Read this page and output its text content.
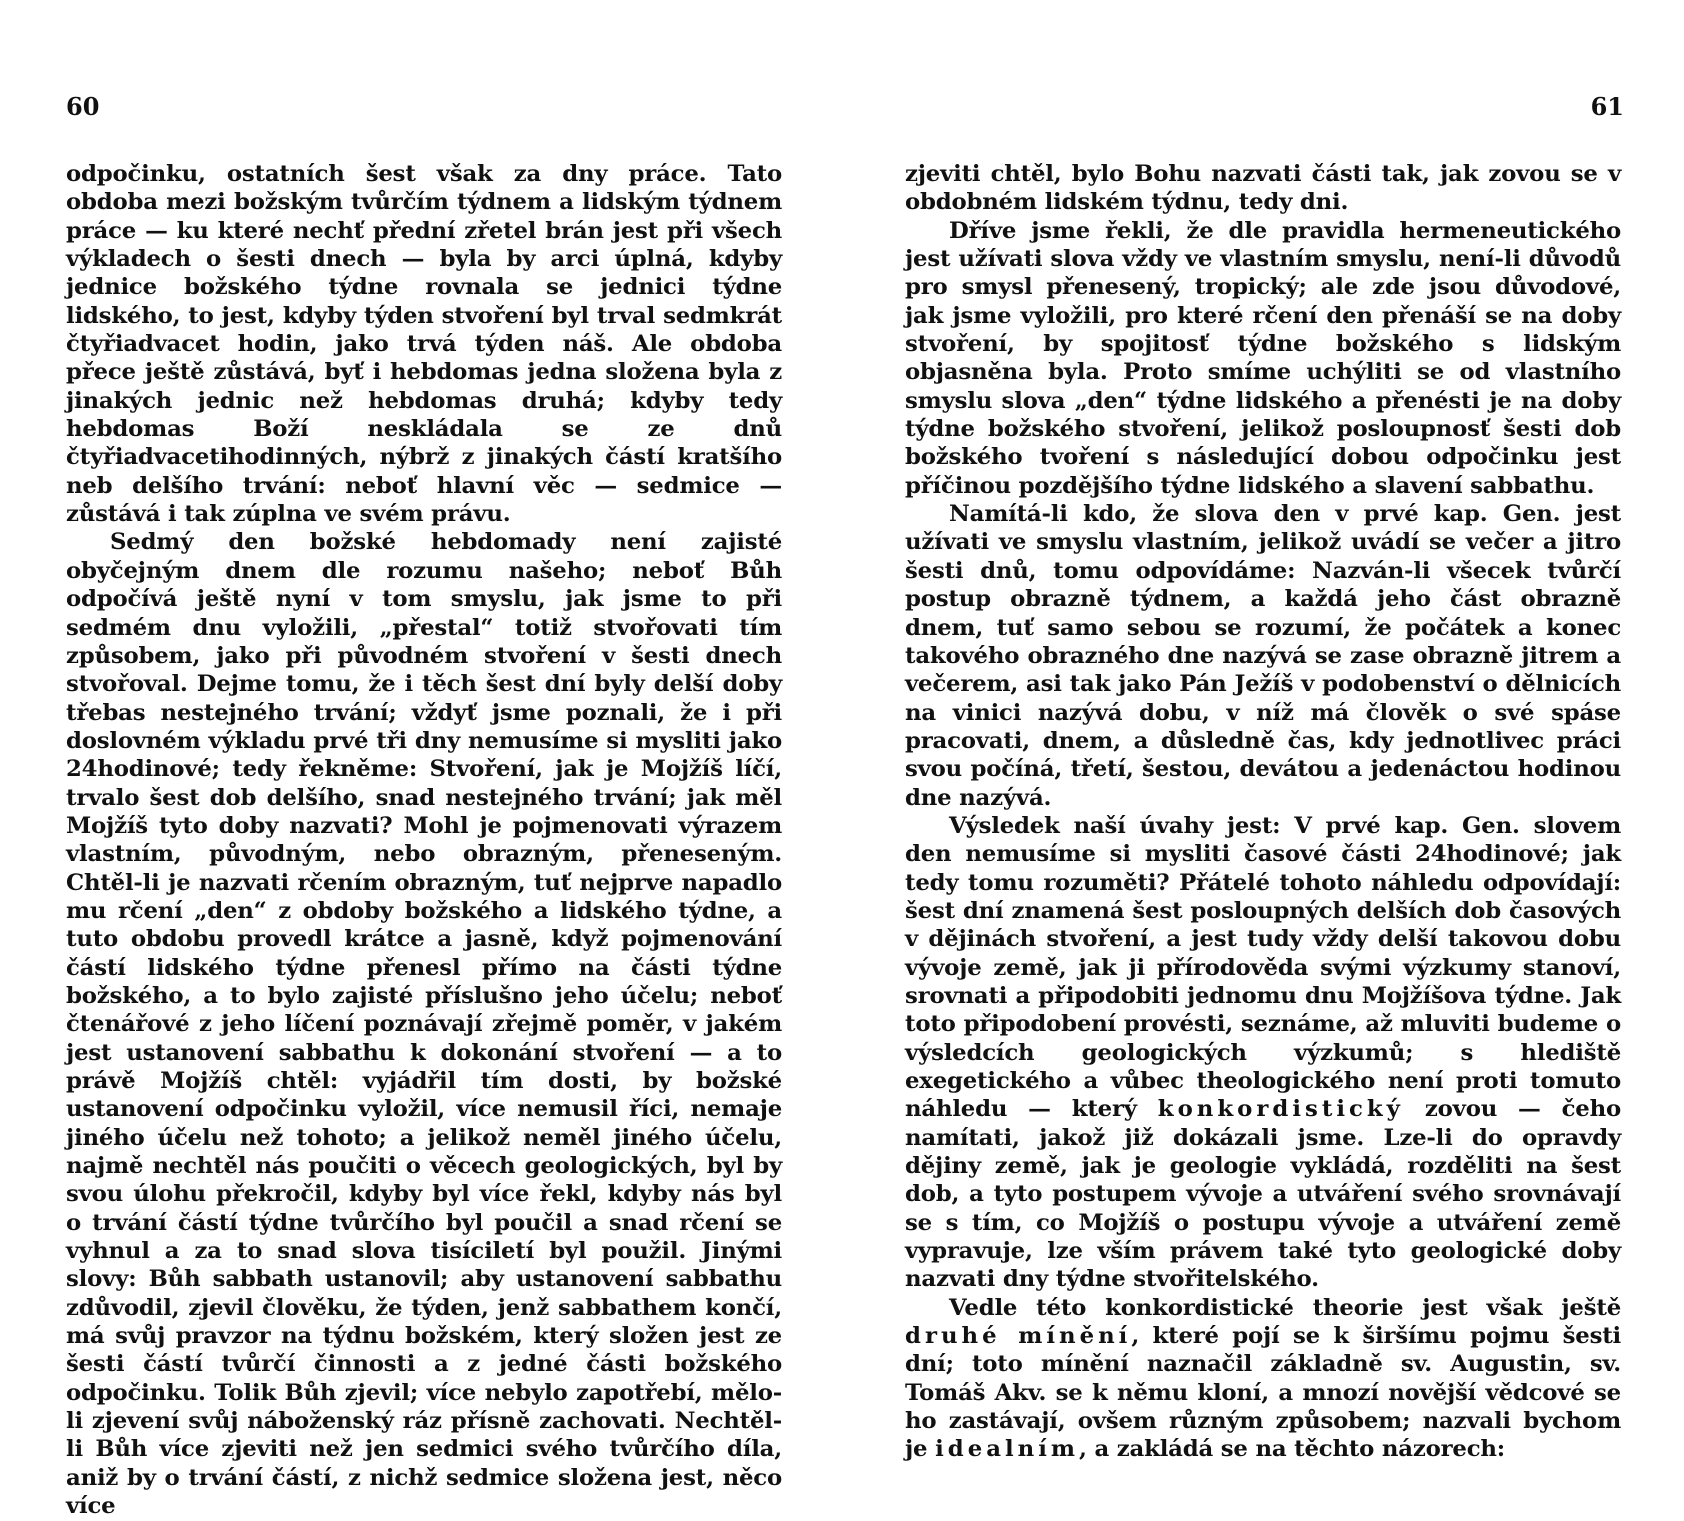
60

odpočinku, ostatních šest však za dny práce. Tato obdoba mezi božským tvůrčím týdnem a lidským týdnem práce — ku které nechť přední zřetel brán jest při všech výkladech o šesti dnech — byla by arci úplná, kdyby jednice božského týdne rovnala se jednici týdne lidského, to jest, kdyby týden stvoření byl trval sedmkrát čtyřiadvacet hodin, jako trvá týden náš. Ale obdoba přece ještě zůstává, byť i hebdomas jedna složena byla z jinakých jednic než hebdomas druhá; kdyby tedy hebdomas Boží neskládala se ze dnů čtyřiadvacetihodinných, nýbrž z jinakých částí kratšího neb delšího trvání: neboť hlavní věc — sedmice — zůstává i tak zúplna ve svém právu.

Sedmý den božské hebdomady není zajisté obyčejným dnem dle rozumu našeho; neboť Bůh odpočívá ještě nyní v tom smyslu, jak jsme to při sedmém dnu vyložili, „přestal“ totiž stvořovati tím způsobem, jako při původném stvoření v šesti dnech stvořoval. Dejme tomu, že i těch šest dní byly delší doby třebas nestejného trvání; vždyť jsme poznali, že i při doslovném výkladu prvé tři dny nemusíme si mysliti jako 24hodinové; tedy řekněme: Stvoření, jak je Mojžíš líčí, trvalo šest dob delšího, snad nestejného trvání; jak měl Mojžíš tyto doby nazvati? Mohl je pojmenovati výrazem vlastním, původným, nebo obrazným, přeneseným. Chtěl-li je nazvati rčením obrazným, tuť nejprve napadlo mu rčení „den“ z obdoby božského a lidského týdne, a tuto obdobu provedl krátce a jasně, když pojmenování částí lidského týdne přenesl přímo na části týdne božského, a to bylo zajisté příslušno jeho účelu; neboť čtenářové z jeho líčení poznávají zřejmě poměr, v jakém jest ustanovení sabbathu k dokonání stvoření — a to právě Mojžíš chtěl: vyjádřil tím dosti, by božské ustanovení odpočinku vyložil, více nemusil říci, nemaje jiného účelu než tohoto; a jelikož neměl jiného účelu, najmě nechtěl nás poučiti o věcech geologických, byl by svou úlohu překročil, kdyby byl více řekl, kdyby nás byl o trvání částí týdne tvůrčího byl poučil a snad rčení se vyhnul a za to snad slova tisíciletí byl použil. Jinými slovy: Bůh sabbath ustanovil; aby ustanovení sabbathu zdůvodil, zjevil člověku, že týden, jenž sabbathem končí, má svůj pravzor na týdnu božském, který složen jest ze šesti částí tvůrčí činnosti a z jedné části božského odpočinku. Tolik Bůh zjevil; více nebylo zapotřebí, mělo-li zjevení svůj náboženský ráz přísně zachovati. Nechtěl-li Bůh více zjeviti než jen sedmici svého tvůrčího díla, aniž by o trvání částí, z nichž sedmice složena jest, něco více

61

zjeviti chtěl, bylo Bohu nazvati části tak, jak zovou se v obdobném lidském týdnu, tedy dni.

Dříve jsme řekli, že dle pravidla hermeneutického jest užívati slova vždy ve vlastním smyslu, není-li důvodů pro smysl přenesený, tropický; ale zde jsou důvodové, jak jsme vyložili, pro které rčení den přenáší se na doby stvoření, by spojitosť týdne božského s lidským objasněna byla. Proto smíme uchýliti se od vlastního smyslu slova „den“ týdne lidského a přenésti je na doby týdne božského stvoření, jelikož posloupnosť šesti dob božského tvoření s následující dobou odpočinku jest příčinou pozdějšího týdne lidského a slavení sabbathu.

Namítá-li kdo, že slova den v prvé kap. Gen. jest užívati ve smyslu vlastním, jelikož uvádí se večer a jitro šesti dnů, tomu odpovídáme: Nazván-li všecek tvůrčí postup obrazně týdnem, a každá jeho část obrazně dnem, tuť samo sebou se rozumí, že počátek a konec takového obrazného dne nazývá se zase obrazně jitrem a večerem, asi tak jako Pán Ježíš v podobenství o dělnicích na vinici nazývá dobu, v níž má člověk o své spáse pracovati, dnem, a důsledně čas, kdy jednotlivec práci svou počíná, třetí, šestou, devátou a jedenáctou hodinou dne nazývá.

Výsledek naší úvahy jest: V prvé kap. Gen. slovem den nemusíme si mysliti časové části 24hodinové; jak tedy tomu rozuměti? Přátelé tohoto náhledu odpovídají: šest dní znamená šest posloupných delších dob časových v dějinách stvoření, a jest tudy vždy delší takovou dobu vývoje země, jak ji přírodověda svými výzkumy stanoví, srovnati a připodobiti jednomu dnu Mojžíšova týdne. Jak toto připodobení provésti, seznáme, až mluviti budeme o výsledcích geologických výzkumů; s hlediště exegetického a vůbec theologického není proti tomuto náhledu — který konkordistický zovou — čeho namítati, jakož již dokázali jsme. Lze-li do opravdy dějiny země, jak je geologie vykládá, rozděliti na šest dob, a tyto postupem vývoje a utváření svého srovnávají se s tím, co Mojžíš o postupu vývoje a utváření země vypravuje, lze vším právem také tyto geologické doby nazvati dny týdne stvořitelského.

Vedle této konkordistické theorie jest však ještě druhé mínění, které pojí se k širšímu pojmu šesti dní; toto mínění naznačil základně sv. Augustin, sv. Tomáš Akv. se k němu kloní, a mnozí novější vědcové se ho zastávají, ovšem různým způsobem; nazvali bychom je idealním, a zakládá se na těchto názorech:
